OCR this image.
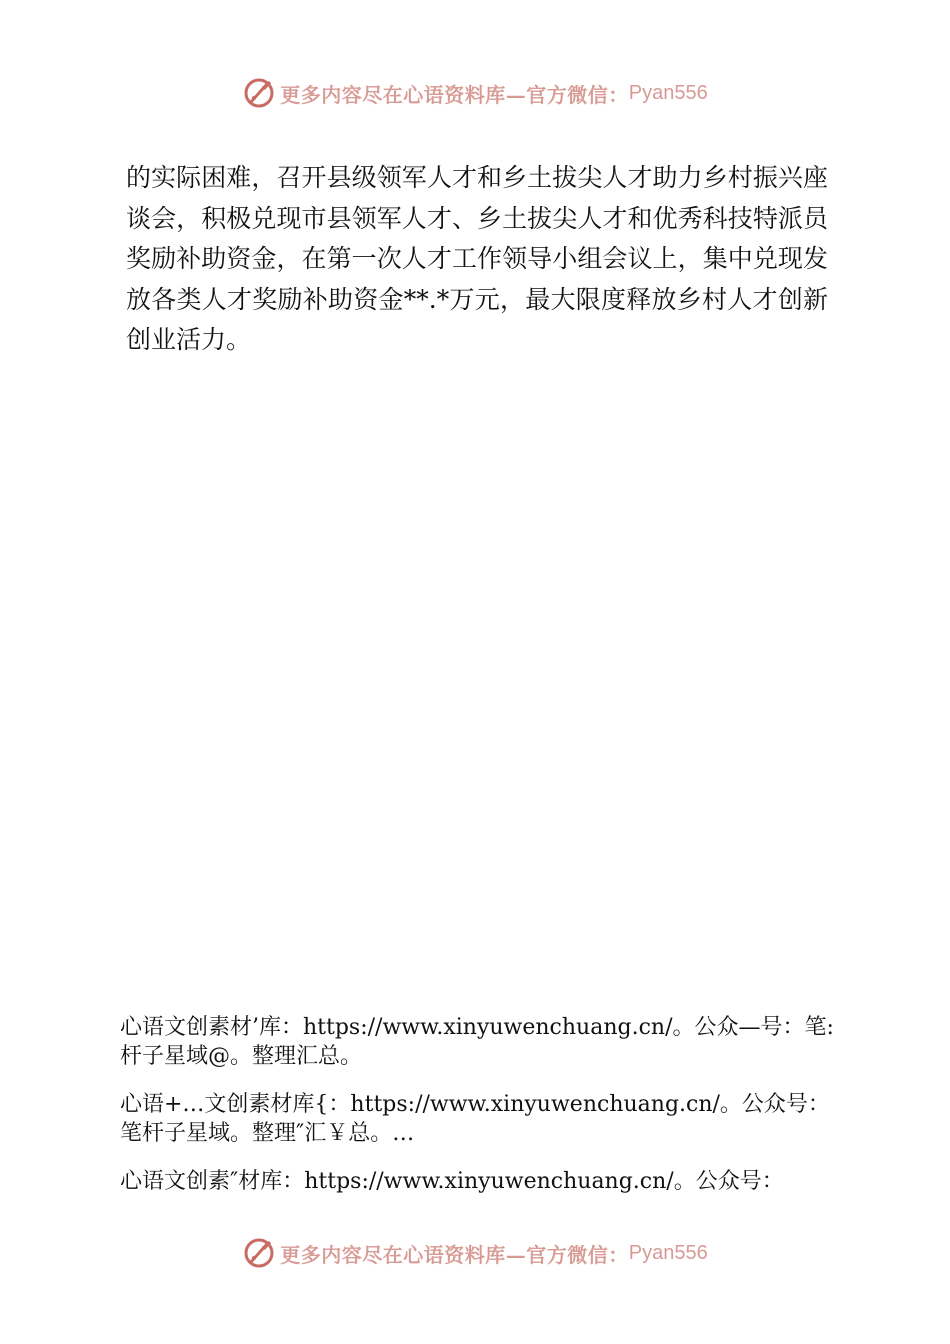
更多内容尽在心语资料库—官方微信： Pyan556
的实际困难，召开县级领军人才和乡土拔尖人才助力乡村振兴座谈会，积极兑现市县领军人才、乡土拔尖人才和优秀科技特派员奖励补助资金，在第一次人才工作领导小组会议上，集中兑现发放各类人才奖励补助资金**.*万元，最大限度释放乡村人才创新创业活力。

心语文创素材’库：https://www.xinyuwenchuang.cn/。公众—号：笔:杆子星域@。整理汇总。

心语+…文创素材库{：https://www.xinyuwenchuang.cn/。公众号：笔杆子星域。整理″汇￥总。…

心语文创素″材库：https://www.xinyuwenchuang.cn/。公众号：

更多内容尽在心语资料库—官方微信： Pyan556
